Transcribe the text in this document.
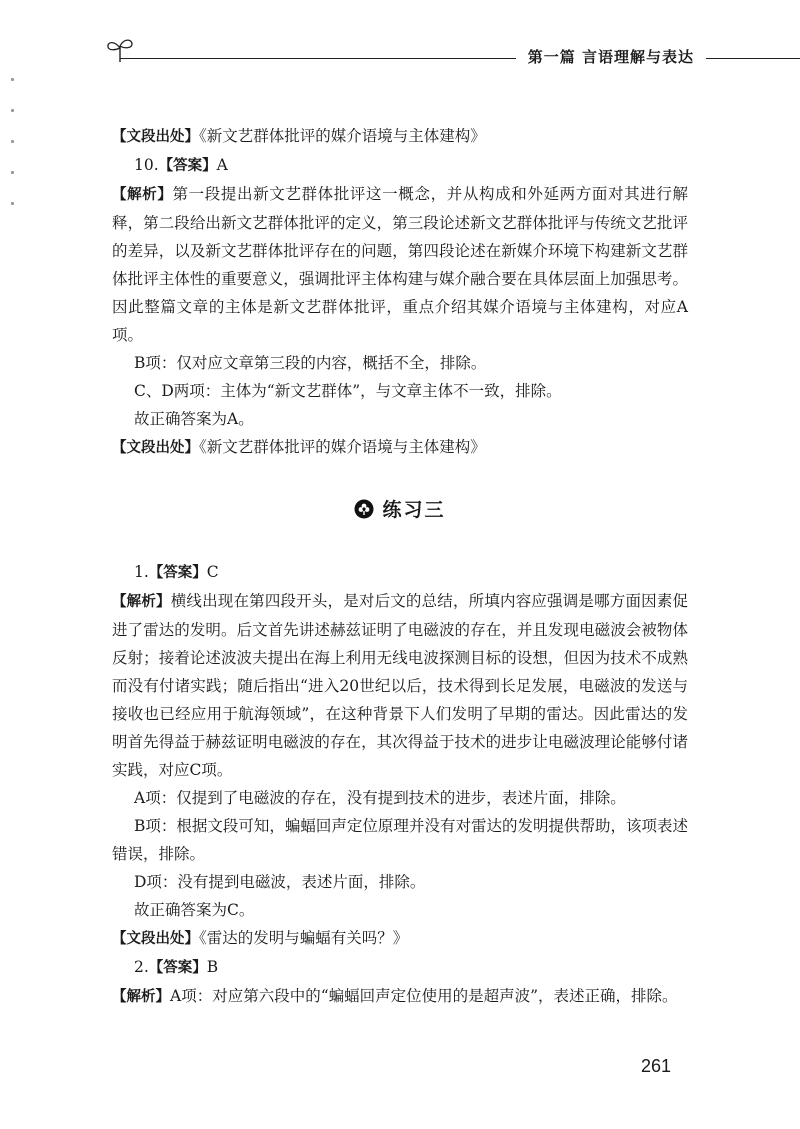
第一篇 言语理解与表达

【文段出处】《新文艺群体批评的媒介语境与主体建构》

10.【答案】A

【解析】第一段提出新文艺群体批评这一概念，并从构成和外延两方面对其进行解释，第二段给出新文艺群体批评的定义，第三段论述新文艺群体批评与传统文艺批评的差异，以及新文艺群体批评存在的问题，第四段论述在新媒介环境下构建新文艺群体批评主体性的重要意义，强调批评主体构建与媒介融合要在具体层面上加强思考。因此整篇文章的主体是新文艺群体批评，重点介绍其媒介语境与主体建构，对应A项。

B项：仅对应文章第三段的内容，概括不全，排除。

C、D两项：主体为“新文艺群体”，与文章主体不一致，排除。

故正确答案为A。

【文段出处】《新文艺群体批评的媒介语境与主体建构》

练习三

1.【答案】C

【解析】横线出现在第四段开头，是对后文的总结，所填内容应强调是哪方面因素促进了雷达的发明。后文首先讲述赫兹证明了电磁波的存在，并且发现电磁波会被物体反射；接着论述波波夫提出在海上利用无线电波探测目标的设想，但因为技术不成熟而没有付诸实践；随后指出“进入20世纪以后，技术得到长足发展，电磁波的发送与接收也已经应用于航海领域”，在这种背景下人们发明了早期的雷达。因此雷达的发明首先得益于赫兹证明电磁波的存在，其次得益于技术的进步让电磁波理论能够付诸实践，对应C项。

A项：仅提到了电磁波的存在，没有提到技术的进步，表述片面，排除。

B项：根据文段可知，蝙蝠回声定位原理并没有对雷达的发明提供帮助，该项表述错误，排除。

D项：没有提到电磁波，表述片面，排除。

故正确答案为C。

【文段出处】《雷达的发明与蝙蝠有关吗？》

2.【答案】B

【解析】A项：对应第六段中的“蝙蝠回声定位使用的是超声波”，表述正确，排除。

261
